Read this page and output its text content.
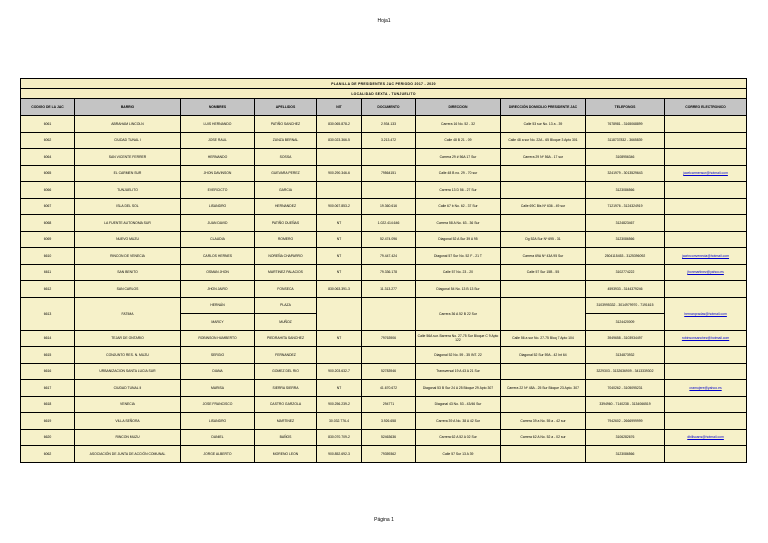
Hoja1
PLANILLA DE PRESIDENTES JAC PERIODO 2017 - 2020									
LOCALIDAD SEXTA - TUNJUELITO									
CODIGO DE LA JAC	BARRIO	NOMBRES	APELLIDOS	NIT	DOCUMENTO	DIRECCION	DIRECCIÓN DOMICILIO PRESIDENTE JAC	TELEFONOS	CORREO ELECTRONICO
6061	ABRAHAM LINCOLN	LUIS HERNANDO	PATIÑO SANCHEZ	830.065.878-2	2.934.133	Carrera 16 No. 52 - 32	Calle 53 sur No. 13 a - 39	7678981 - 3165068899	
6062	CIUDAD TUNAL I	JOSE RAUL	ZUNZA BERNAL	830.023.366-5	3.213.472	Calle 48 B 21 - 09	Calle 48 a sur No. 22A - 65 Bloque 3 Apto 301	3118737832 - 3665839	
6064	SAN VICENTE FERRER	HERNANDO	SOSSA			Carrera 29 # 56A 17 Sur	Carrera 29 Nº 56A - 17 sur	3108956346	
6065	EL CARMEN SUR	JHON DAVINSON	GUEVARA PEREZ	900.290.346-6	79564151	Calle 48 B no. 29 - 70 sur		3241979 - 3013529643	jacelcarmensur@hotmail.com
6066	TUNJUELITO	EVERCICTO	GARCIA			Carrera 13 D 56 - 27 Sur		3123086566	
6067	ISLA DEL SOL	LISANDRO	HERNANDEZ	900.067.853-2	19.360.616	Calle 67 b No. 62 - 37 Sur	Calle 69C Bis Nº 636 - 49 sur	7121976 - 3124324919	
6068	LA FUENTE AUTONOMA SUR	JUAN DAVID	PATIÑO DUEÑAS	NT	1.022.414.646	Carrera 58 A No. 63 - 36 Sur		3124823467	
6069	NUEVO MUZU	CLAUDIA	ROMERO	NT	52.474.096	Diagonal 52 A Sur 39 A 95	Dg 52A Sur Nº 695 - 31	3123086566	
6610	RINCON DE VENECIA	CARLOS HERNES	NOREÑA CHAPARRO	NT	79.447.424	Diagonal 57 Sur No. 52 F - 21 T	Carrera 69A Nº 43A 95 Sur	2504115453 - 3125396092	jacrinconvenecia@hotmail.com
6611	SAN BENITO	OSMAN JHON	MARTINEZ PALACIOS	NT	79.336.178	Calle 57 No. 23 - 20	Calle 57 Sur 15B - 55	3102774222	jhonmartinez@yahoo.es
6612	SAN CARLOS	JHON JAIRO	FONSECA	830.063.391-3	11.313.277	Diagonal 54 No. 13 B 13 Sur		4593933 - 3144379246	
6613	FATIMA	HERNÁN	PLAZA			Carrera 36 A 52 B 22 Sur		3103995332 - 3014979970 - 7191615	hernanpradas@hotmail.com
		MARCY	MUÑOZ					3124420009	
6614	TEJAR DE ONTARIO	ROBINSON HUMBERTO	PIEDRAHITA SANCHEZ	NT	79763906	Calle 56A sur. Barrera No. 27-75 Sur Bloque C 9 Apto 122	Calle 56 a sur No. 27-75 Bloq 7 Apto 104	3949658 - 3103934497	robinsonsanchez@hotmail.com
6615	CONJUNTO RES. N. MUZU	SERGIO	FERNANDEZ			Diagonal 52 No. 59 - 35 INT. 22	Diagonal 52 Sur 59A - 42 Int 64	3134873932	
6616	URBANIZACION SANTA LUCIA SUR	DIANA	GOMEZ DEL RIO	900.203.632-7	52783946	Transversal 19 A 43 A 21 Sur		3229303 - 3132636909 - 3413339302	
6617	CIUDAD TUNAL II	MARISA	SIERRA SIERRA	NT	41.670.672	Diagonal 53 B Sur 24 A 25 Bloque 29 Apto 307	Carrera 22 Nº 48A - 25 Sur Bloque 23 Apto. 307	7040262 - 3105095231	cramujere@yahoo.es
6618	VENECIA	JOSE FRANCISCO	CASTRO GARZOLA	900.256.239-2	294771	Diagonal 43 No. 53 - 43/46 Sur		3394960 - 7140238 - 3134066519	
6619	VILLA SEÑORA	LISANDRO	MARTINEZ	30.032.776-4	3.926.658	Carrera 39 A No. 38 A 42 Sur	Carrera 39 a No. 55 a - 42 sur	7942602 - 2666999999	
6620	RINCON MUZU	DANIEL	BAÑOS	830.070.709-2	52463636	Carrera 62 A 52 A 02 Sur	Carrera 62 A No. 52 a - 02 sur	3106282676	dbillscans@hotmail.com
6062	ASOCIACIÓN DE JUNTA DE ACCIÓN COMUNAL	JORGE ALBERTO	MORENO LEON	900.852.692-3	79359362	Calle 57 Sur 13 A 39		3123086566	
Página 1
